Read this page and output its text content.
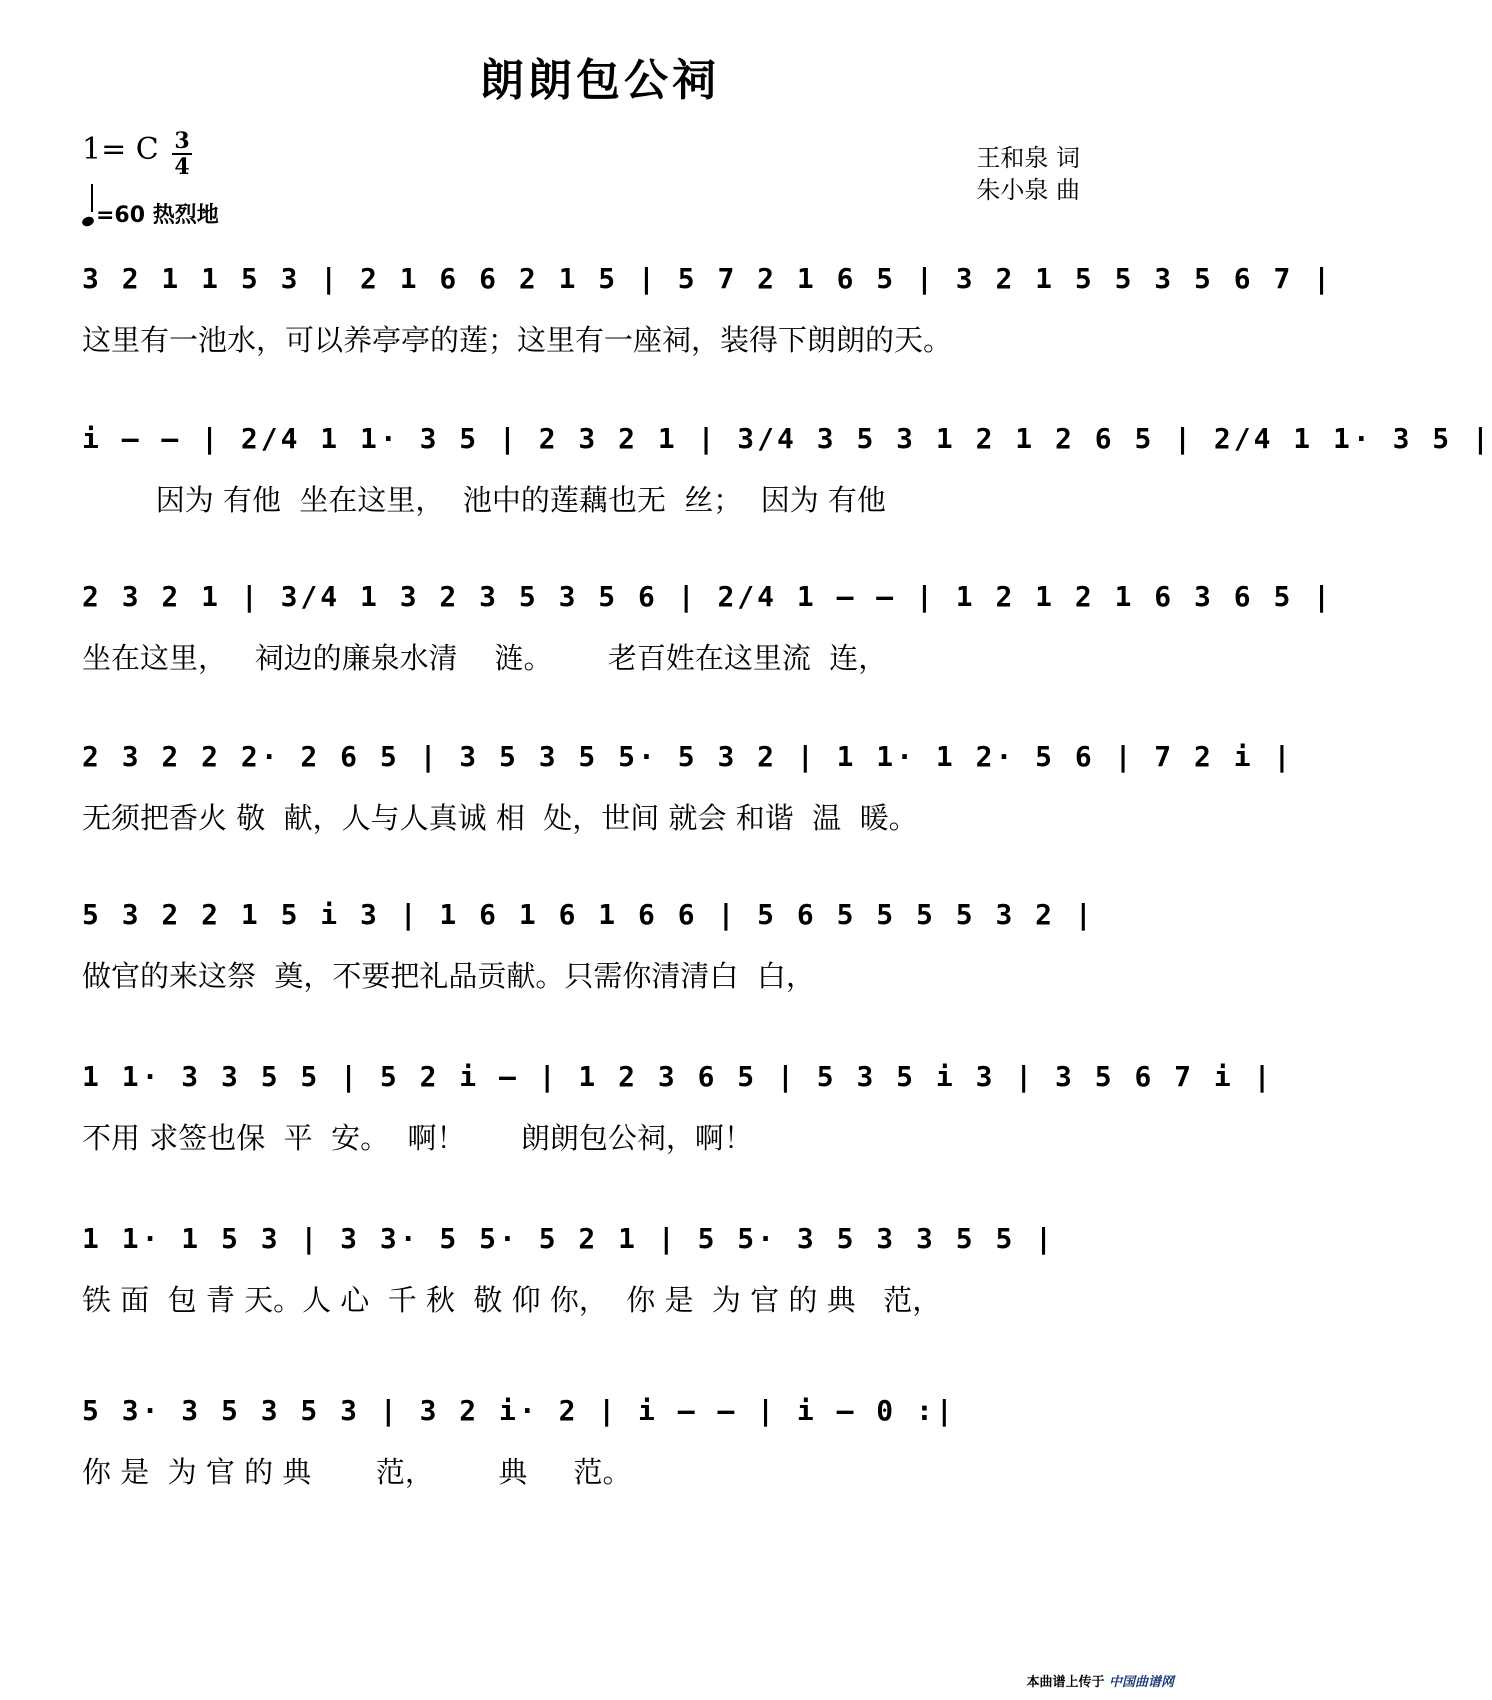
朗朗包公祠
1= C 3
4
=60 热烈地
王和泉 词
朱小泉 曲
3 2 1 1 5 3 | 2 1 6 6 2 1 5 | 5 7 2 1 6 5 | 3 2 1 5 5 3 5 6 7 |
这里有一池水，可以养亭亭的莲；这里有一座祠，装得下朗朗的天。
i – – | 2/4 1 1· 3 5 | 2 3 2 1 | 3/4 3 5 3 1 2 1 2 6 5 | 2/4 1 1· 3 5 |
因为 有他  坐在这里，  池中的莲藕也无  丝；  因为 有他
2 3 2 1 | 3/4 1 3 2 3 5 3 5 6 | 2/4 1 – – | 1 2 1 2 1 6 3 6 5 |
坐在这里，   祠边的廉泉水清    涟。      老百姓在这里流  连，
2 3 2 2 2· 2 6 5 | 3 5 3 5 5· 5 3 2 | 1 1· 1 2· 5 6 | 7 2 i |
无须把香火 敬  献，人与人真诚 相  处，世间 就会 和谐  温  暖。
5 3 2 2 1 5 i 3 | 1 6 1 6 1 6 6 | 5 6 5 5 5 5 3 2 |
做官的来这祭  奠，不要把礼品贡献。只需你清清白  白，
1 1· 3 3 5 5 | 5 2 i – | 1 2 3 6 5 | 5 3 5 i 3 | 3 5 6 7 i |
不用 求签也保  平  安。  啊！      朗朗包公祠，啊！
1 1· 1 5 3 | 3 3· 5 5· 5 2 1 | 5 5· 3 5 3 3 5 5 |
铁 面  包 青 天。人 心  千 秋  敬 仰 你，  你 是  为 官 的 典   范，
5 3· 3 5 3 5 3 | 3 2 i· 2 | i – – | i – 0 :|
你 是  为 官 的 典       范，       典     范。
本曲谱上传于 中国曲谱网
